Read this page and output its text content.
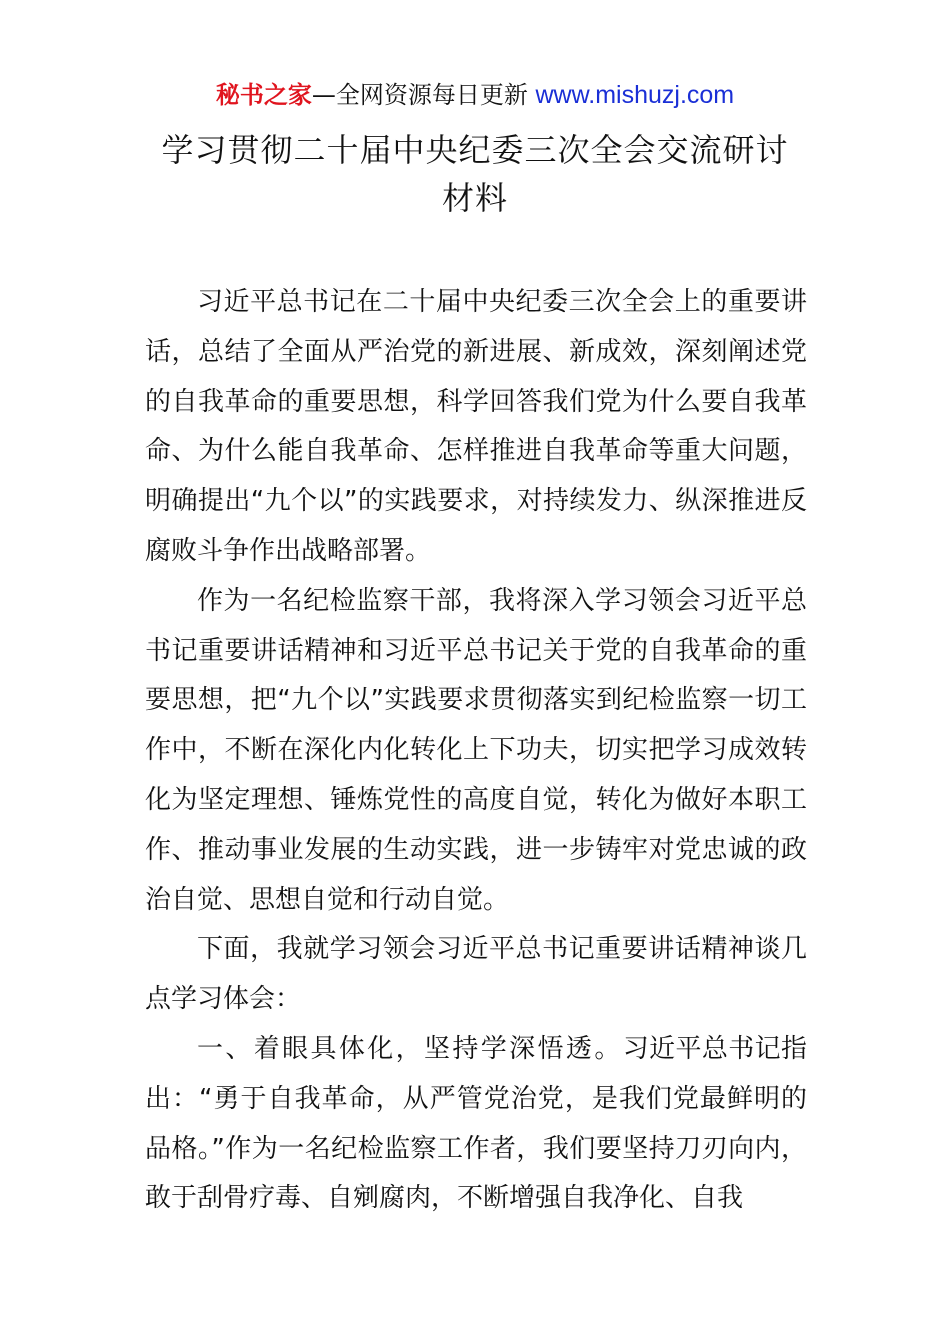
秘书之家—全网资源每日更新 www.mishuzj.com
学习贯彻二十届中央纪委三次全会交流研讨
材料

习近平总书记在二十届中央纪委三次全会上的重要讲话，总结了全面从严治党的新进展、新成效，深刻阐述党的自我革命的重要思想，科学回答我们党为什么要自我革命、为什么能自我革命、怎样推进自我革命等重大问题，明确提出“九个以”的实践要求，对持续发力、纵深推进反腐败斗争作出战略部署。

作为一名纪检监察干部，我将深入学习领会习近平总书记重要讲话精神和习近平总书记关于党的自我革命的重要思想，把“九个以”实践要求贯彻落实到纪检监察一切工作中，不断在深化内化转化上下功夫，切实把学习成效转化为坚定理想、锤炼党性的高度自觉，转化为做好本职工作、推动事业发展的生动实践，进一步铸牢对党忠诚的政治自觉、思想自觉和行动自觉。

下面，我就学习领会习近平总书记重要讲话精神谈几点学习体会：

一、着眼具体化，坚持学深悟透。习近平总书记指出：“勇于自我革命，从严管党治党，是我们党最鲜明的品格。”作为一名纪检监察工作者，我们要坚持刀刃向内，敢于刮骨疗毒、自剜腐肉，不断增强自我净化、自我
